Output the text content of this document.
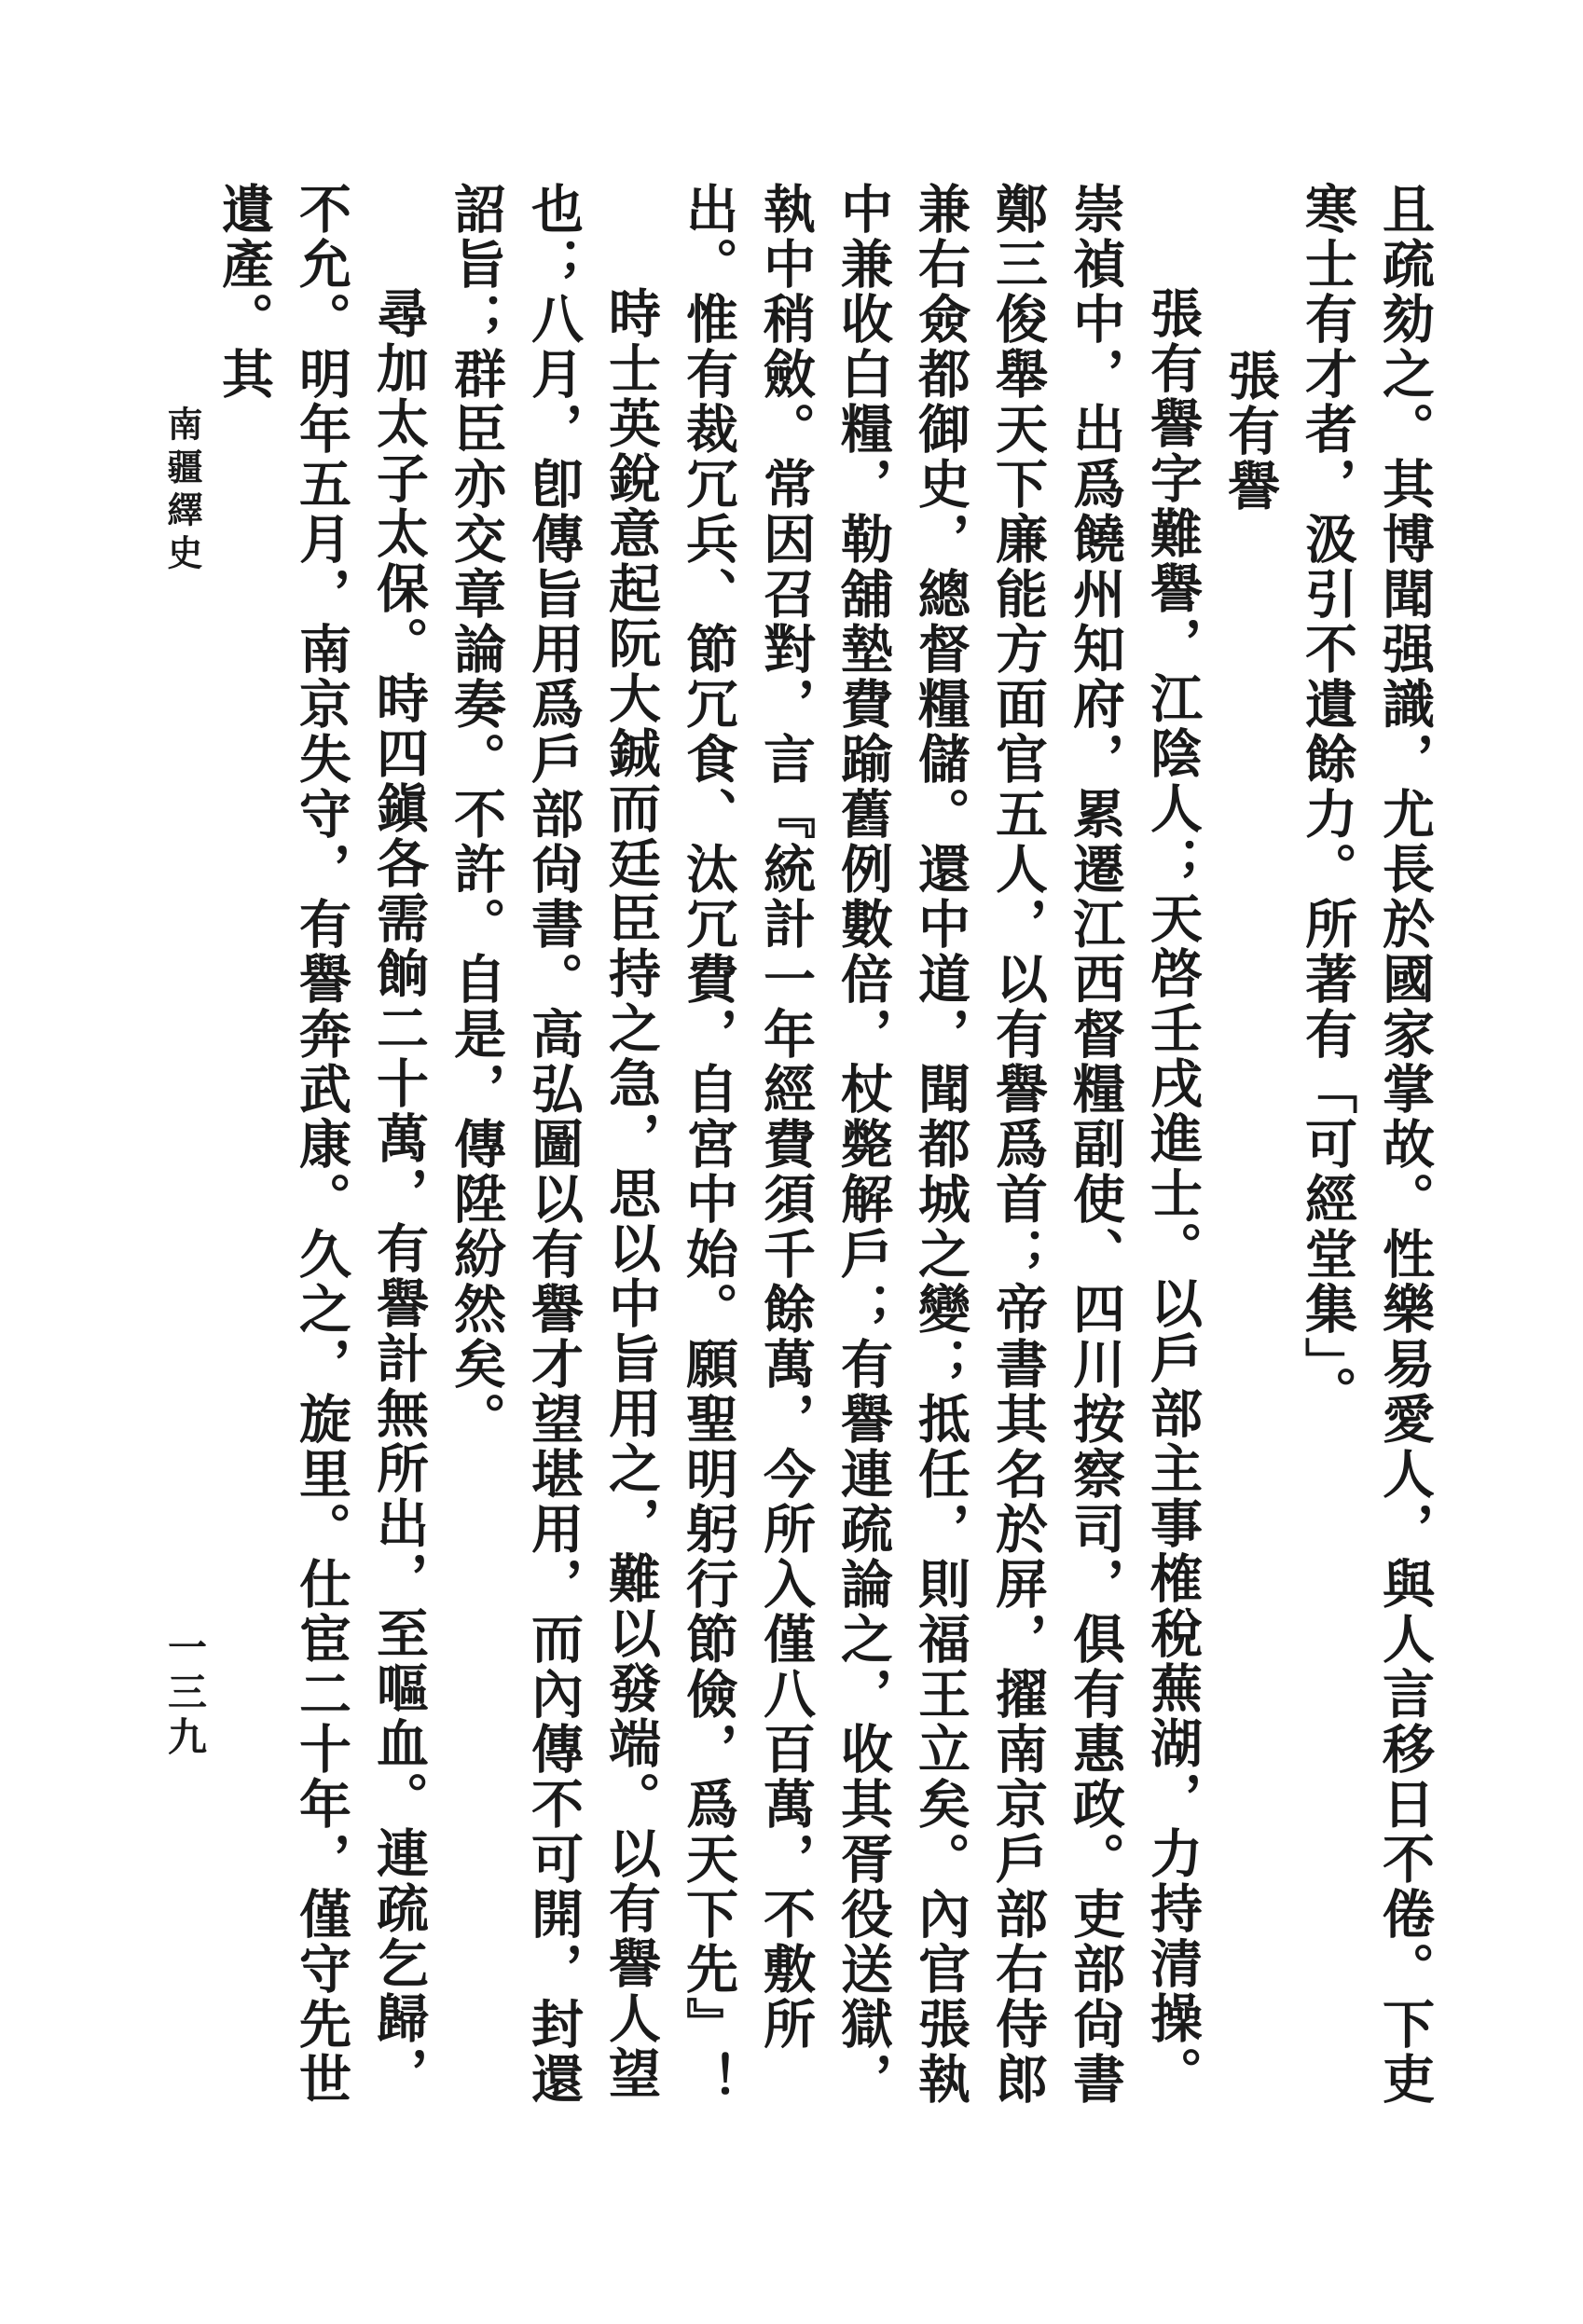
且疏劾之。其博聞强識，尤長於國家掌故。性樂易愛人，與人言移日不倦。下吏寒士有才者，汲引不遺餘力。所著有「可經堂集」。

張有譽

張有譽字難譽，江陰人；天啓壬戌進士。以戶部主事榷稅蕪湖，力持清操。崇禎中，出爲饒州知府，累遷江西督糧副使、四川按察司，俱有惠政。吏部尙書鄭三俊舉天下廉能方面官五人，以有譽爲首；帝書其名於屏，擢南京戶部右侍郎兼右僉都御史，總督糧儲。還中道，聞都城之變；抵任，則福王立矣。內官張執中兼收白糧，勒舖墊費踰舊例數倍，杖斃解戶；有譽連疏論之，收其胥役送獄，執中稍斂。常因召對，言『統計一年經費須千餘萬，今所入僅八百萬，不敷所出。惟有裁冗兵、節冗食、汰冗費，自宮中始。願聖明躬行節儉，爲天下先』！

時士英銳意起阮大鋮而廷臣持之急，思以中旨用之，難以發端。以有譽人望也；八月，卽傳旨用爲戶部尙書。高弘圖以有譽才望堪用，而內傳不可開，封還詔旨；群臣亦交章論奏。不許。自是，傳陞紛然矣。

尋加太子太保。時四鎭各需餉二十萬，有譽計無所出，至嘔血。連疏乞歸，不允。明年五月，南京失守，有譽奔武康。久之，旋里。仕宦二十年，僅守先世遺產。其

南疆繹史
一三九
